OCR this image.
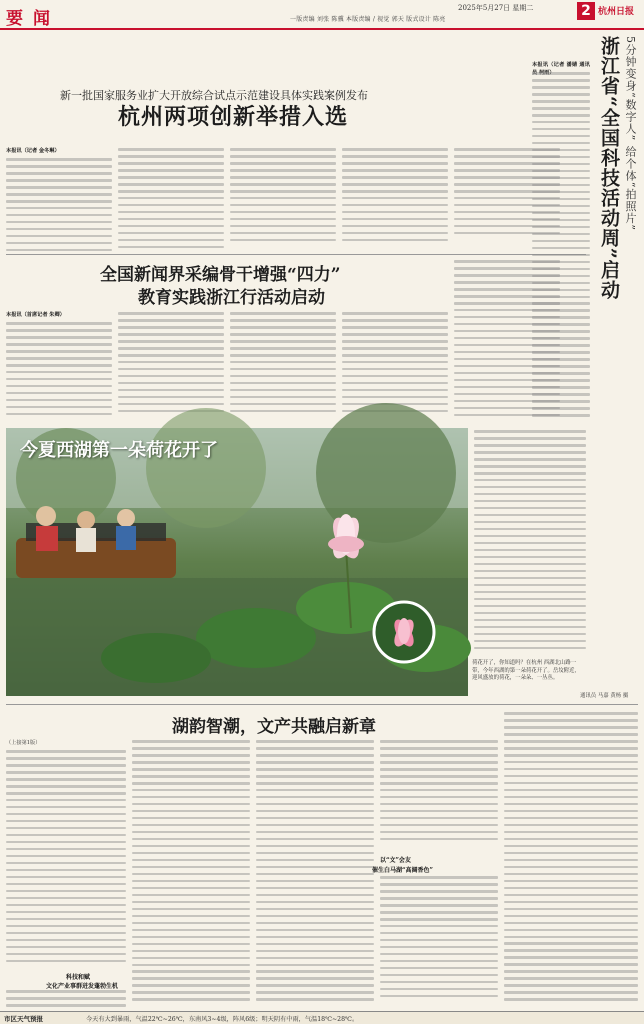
要闻
2025年5月27日 星期二
一版责编 刘张 陈骥 本版责编 / 视觉 郭天 版式设计 陈亮
2 杭州日报
新一批国家服务业扩大开放综合试点示范建设具体实践案例发布
杭州两项创新举措入选
本报讯（记者 金冬琳）
全国新闻界采编骨干增强“四力”
教育实践浙江行活动启动
本报讯（首席记者 朱卿）
今夏西湖第一朵荷花开了
荷花开了，你知道吗？在杭州 西湖北山路一带，今年西湖的第一朵荷花开了。岳坟附近，迎风盛放的荷花，一朵朵、一丛丛。
通讯员 马嘉 黄杨 摄
浙江省“全国科技活动周”启动 5分钟变身“数字人” 给个体“拍照片”
本报讯（记者 潘婧 通讯员 柯雨）
湖韵智潮，文产共融启新章
（上接第1版）
科技和赋
文化产业事群迸发蓬勃生机
以“文”会友
催生白马湖“高阔香色”
市区天气预报	今天有大到暴雨，气温22℃~26℃，东南风3~4级，阵风6级；明天阴有中雨，气温18℃~28℃。
